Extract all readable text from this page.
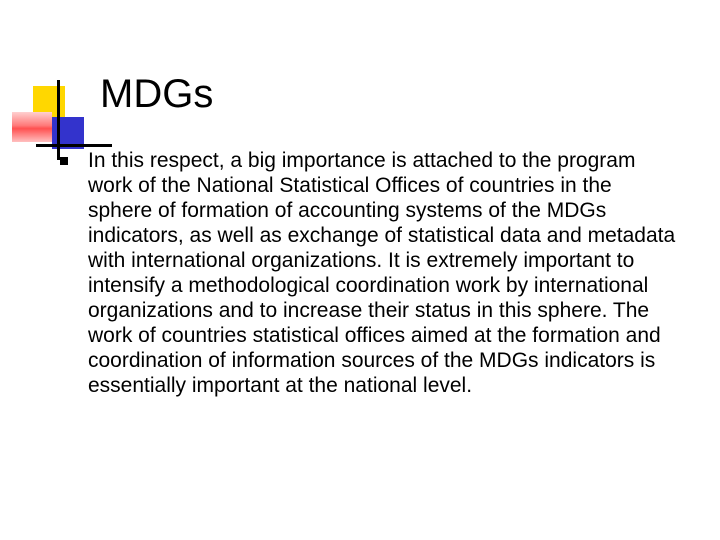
MDGs

In this respect, a big importance is attached to the program work of the National Statistical Offices of countries in the sphere of formation of accounting systems of the MDGs indicators, as well as exchange of statistical data and metadata with international organizations. It is extremely important to intensify a methodological coordination work by international organizations and to increase their status in this sphere. The work of countries statistical offices aimed at the formation and coordination of information sources of the MDGs indicators is essentially important at the national level.
